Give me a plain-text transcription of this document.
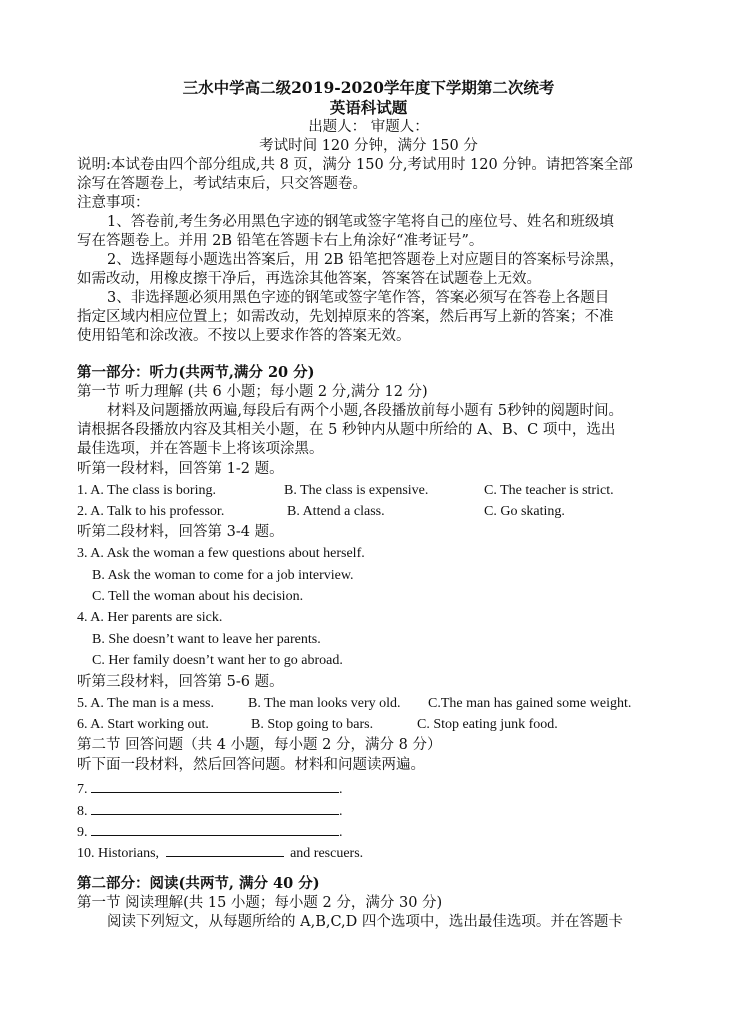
三水中学高二级2019-2020学年度下学期第二次统考
英语科试题
出题人： 审题人：
考试时间 120 分钟，满分 150 分
说明:本试卷由四个部分组成,共 8 页，满分 150 分,考试用时 120 分钟。请把答案全部
涂写在答题卷上，考试结束后，只交答题卷。
注意事项：
1、答卷前,考生务必用黑色字迹的钢笔或签字笔将自己的座位号、姓名和班级填
写在答题卷上。并用 2B 铅笔在答题卡右上角涂好“准考证号”。
2、选择题每小题选出答案后，用 2B 铅笔把答题卷上对应题目的答案标号涂黑，
如需改动，用橡皮擦干净后，再选涂其他答案，答案答在试题卷上无效。
3、非选择题必须用黑色字迹的钢笔或签字笔作答，答案必须写在答卷上各题目
指定区域内相应位置上；如需改动，先划掉原来的答案，然后再写上新的答案；不准
使用铅笔和涂改液。不按以上要求作答的答案无效。
第一部分：听力(共两节,满分 20 分)
第一节 听力理解 (共 6 小题；每小题 2 分,满分 12 分)
材料及问题播放两遍,每段后有两个小题,各段播放前每小题有 5秒钟的阅题时间。
请根据各段播放内容及其相关小题，在 5 秒钟内从题中所给的 A、B、C 项中，选出
最佳选项，并在答题卡上将该项涂黑。
听第一段材料，回答第 1-2 题。
1. A. The class is boring.	B. The class is expensive.	C. The teacher is strict.
2. A. Talk to his professor.	B. Attend a class.	C. Go skating.
听第二段材料，回答第 3-4 题。
3. A. Ask the woman a few questions about herself.
B. Ask the woman to come for a job interview.
C. Tell the woman about his decision.
4. A. Her parents are sick.
B. She doesn’t want to leave her parents.
C. Her family doesn’t want her to go abroad.
听第三段材料，回答第 5-6 题。
5. A. The man is a mess. B. The man looks very old. C.The man has gained some weight.
6. A. Start working out.	B. Stop going to bars.	C. Stop eating junk food.
第二节 回答问题（共 4 小题，每小题 2 分，满分 8 分）
听下面一段材料，然后回答问题。材料和问题读两遍。
7.	.
8.	.
9.	.
10. Historians,	and rescuers.
第二部分：阅读(共两节, 满分 40 分)
第一节 阅读理解(共 15 小题；每小题 2 分，满分 30 分)
阅读下列短文，从每题所给的 A,B,C,D 四个选项中，选出最佳选项。并在答题卡
